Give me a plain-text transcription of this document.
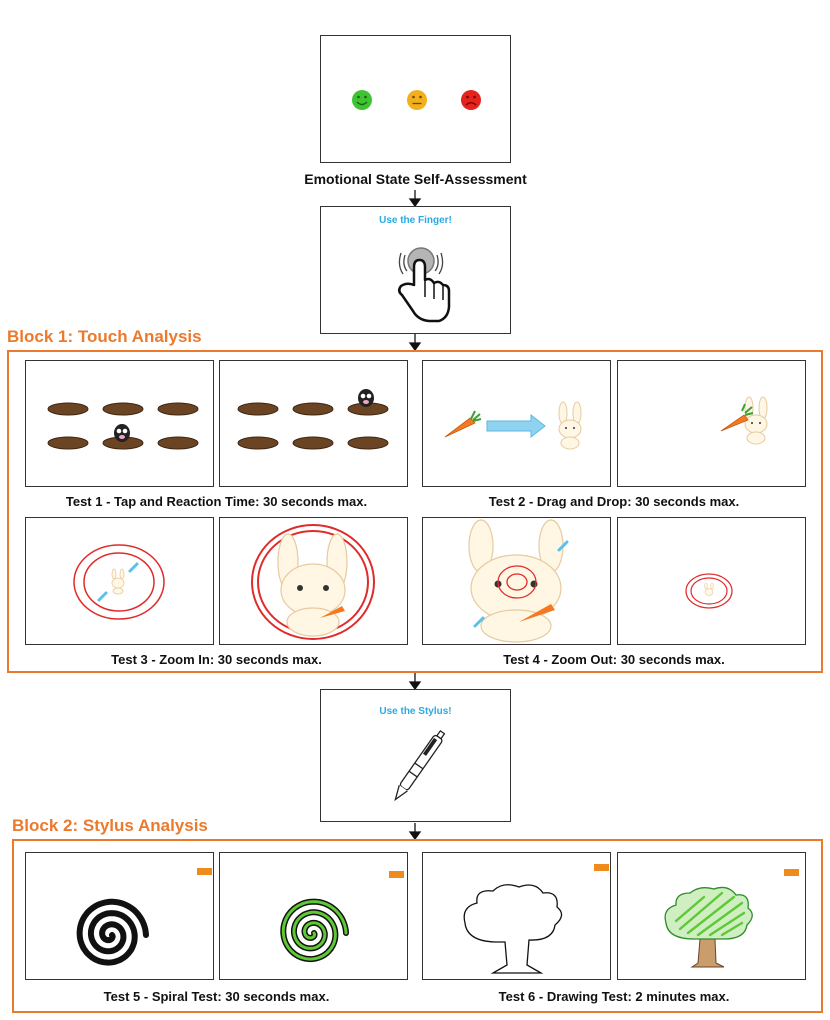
Emotional State Self-Assessment
Use the Finger!
Block 1: Touch Analysis
Test 1 - Tap and Reaction Time: 30 seconds max.	Test 2 - Drag and Drop: 30 seconds max.
Test 3 - Zoom In: 30 seconds max.	Test 4 - Zoom Out: 30 seconds max.
Use the Stylus!
Block 2: Stylus Analysis
Test 5 - Spiral Test: 30 seconds max.	Test 6 - Drawing Test: 2 minutes max.
